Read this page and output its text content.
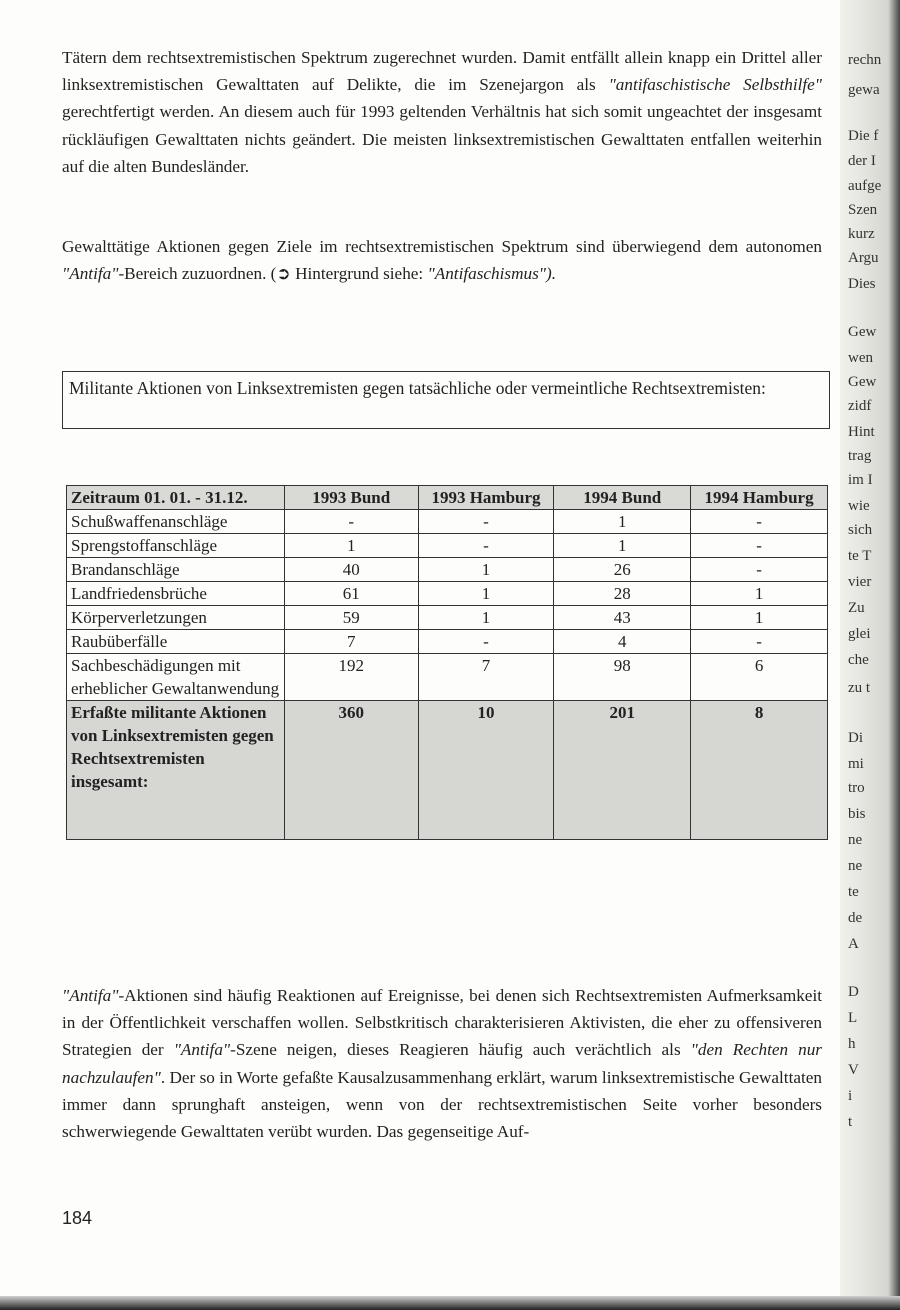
Tätern dem rechtsextremistischen Spektrum zugerechnet wurden. Damit entfällt allein knapp ein Drittel aller linksextremistischen Gewalttaten auf Delikte, die im Szenejargon als "antifaschistische Selbsthilfe" gerechtfertigt werden. An diesem auch für 1993 geltenden Verhältnis hat sich somit ungeachtet der insgesamt rückläufigen Gewalttaten nichts geändert. Die meisten linksextremistischen Gewalttaten entfallen weiterhin auf die alten Bundesländer.

Gewalttätige Aktionen gegen Ziele im rechtsextremistischen Spektrum sind überwiegend dem autonomen "Antifa"-Bereich zuzuordnen. (➲ Hintergrund siehe: "Antifaschismus").

Militante Aktionen von Linksextremisten gegen tatsächliche oder vermeintliche Rechtsextremisten:
Zeitraum 01. 01. - 31.12.	1993 Bund	1993 Hamburg	1994 Bund	1994 Hamburg
Schußwaffenanschläge	-	-	1	-
Sprengstoffanschläge	1	-	1	-
Brandanschläge	40	1	26	-
Landfriedensbrüche	61	1	28	1
Körperverletzungen	59	1	43	1
Raubüberfälle	7	-	4	-
Sachbeschädigungen mit erheblicher Gewaltanwendung	192	7	98	6
Erfaßte militante Aktionen von Linksextremisten gegen Rechtsextremisten insgesamt:	360	10	201	8

"Antifa"-Aktionen sind häufig Reaktionen auf Ereignisse, bei denen sich Rechtsextremisten Aufmerksamkeit in der Öffentlichkeit verschaffen wollen. Selbstkritisch charakterisieren Aktivisten, die eher zu offensiveren Strategien der "Antifa"-Szene neigen, dieses Reagieren häufig auch verächtlich als "den Rechten nur nachzulaufen". Der so in Worte gefaßte Kausalzusammenhang erklärt, warum linksextremistische Gewalttaten immer dann sprunghaft ansteigen, wenn von der rechtsextremistischen Seite vorher besonders schwerwiegende Gewalttaten verübt wurden. Das gegenseitige Auf-

184
rechn
gewa
Die f
der I
aufge
Szen
kurz
Argu
Dies
Gew
wen
Gew
zidf
Hint
trag
im I
wie
sich
te T
vier
Zu
glei
che
zu t
Di
mi
tro
bis
ne
ne
te
de
A
D
L
h
V
i
t
